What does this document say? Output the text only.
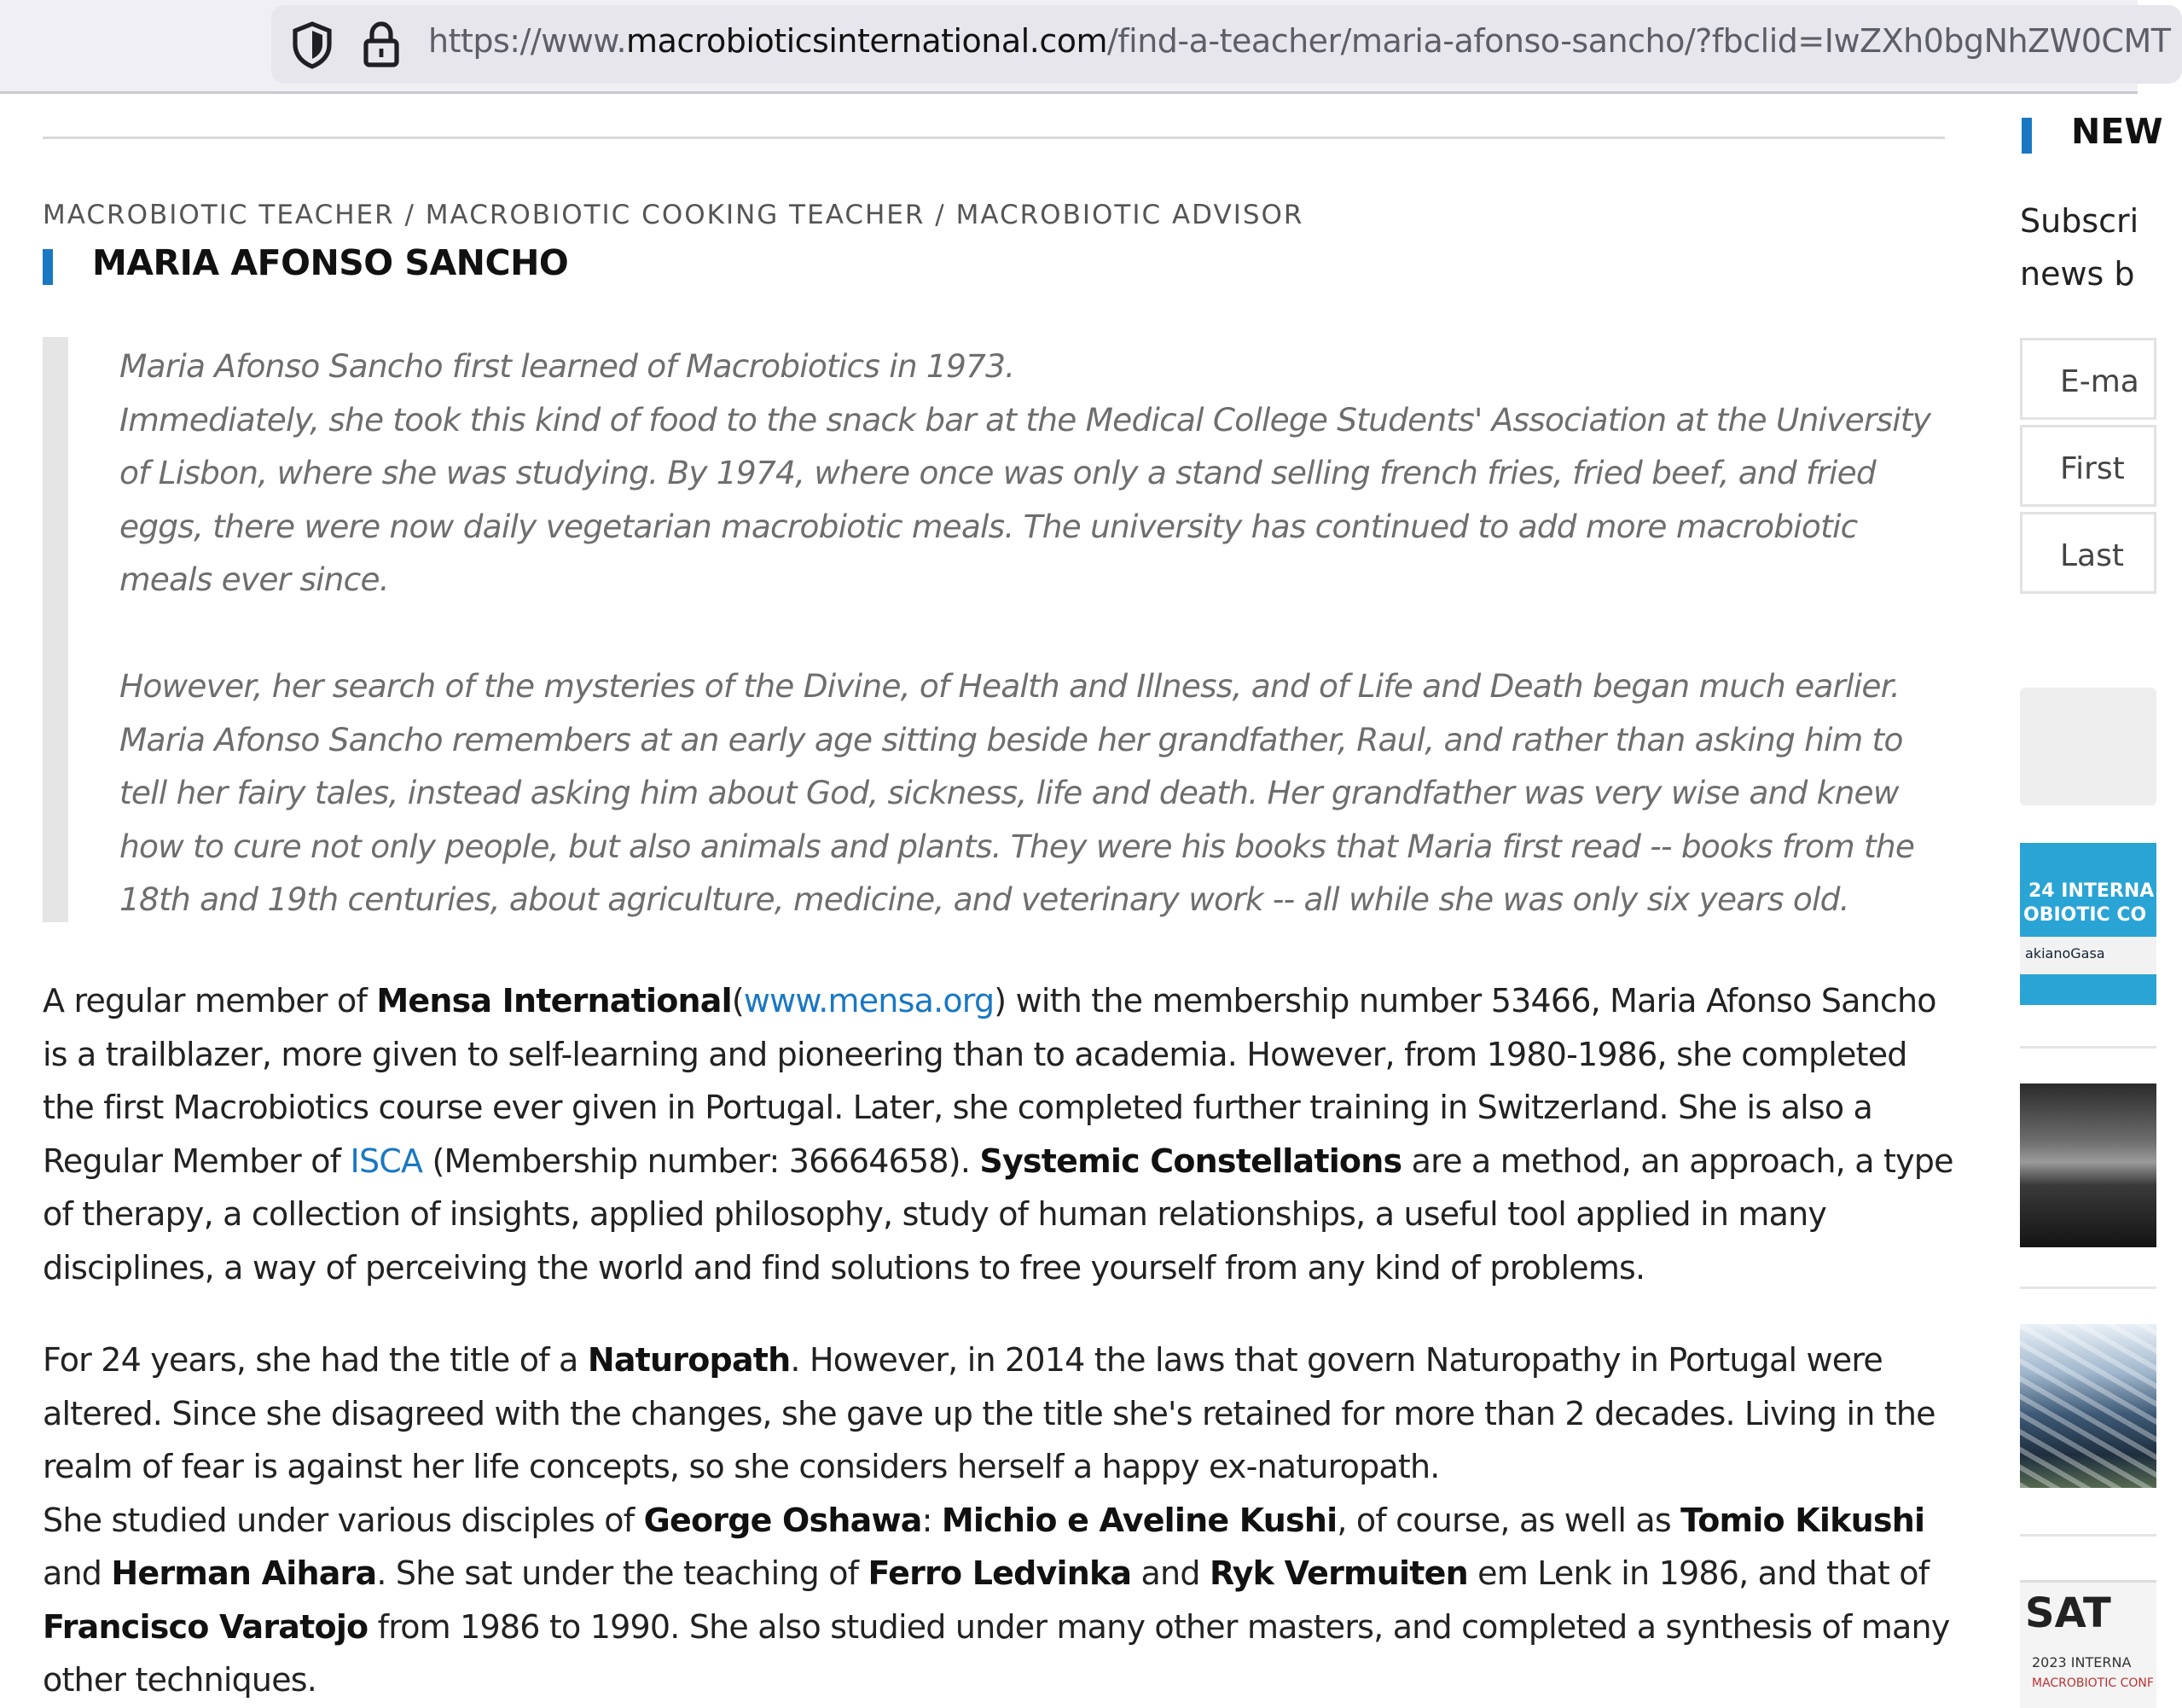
https://www.macrobioticsinternational.com/find-a-teacher/maria-afonso-sancho/?fbclid=IwZXh0bgNhZW0CMT
MACROBIOTIC TEACHER / MACROBIOTIC COOKING TEACHER / MACROBIOTIC ADVISOR
MARIA AFONSO SANCHO

Maria Afonso Sancho first learned of Macrobiotics in 1973.

Immediately, she took this kind of food to the snack bar at the Medical College Students' Association at the University of Lisbon, where she was studying. By 1974, where once was only a stand selling french fries, fried beef, and fried eggs, there were now daily vegetarian macrobiotic meals. The university has continued to add more macrobiotic meals ever since.

However, her search of the mysteries of the Divine, of Health and Illness, and of Life and Death began much earlier. Maria Afonso Sancho remembers at an early age sitting beside her grandfather, Raul, and rather than asking him to tell her fairy tales, instead asking him about God, sickness, life and death. Her grandfather was very wise and knew how to cure not only people, but also animals and plants. They were his books that Maria first read -- books from the 18th and 19th centuries, about agriculture, medicine, and veterinary work -- all while she was only six years old.

A regular member of Mensa International(www.mensa.org) with the membership number 53466, Maria Afonso Sancho is a trailblazer, more given to self-learning and pioneering than to academia. However, from 1980-1986, she completed the first Macrobiotics course ever given in Portugal. Later, she completed further training in Switzerland. She is also a Regular Member of ISCA (Membership number: 36664658). Systemic Constellations are a method, an approach, a type of therapy, a collection of insights, applied philosophy, study of human relationships, a useful tool applied in many disciplines, a way of perceiving the world and find solutions to free yourself from any kind of problems.

For 24 years, she had the title of a Naturopath. However, in 2014 the laws that govern Naturopathy in Portugal were altered. Since she disagreed with the changes, she gave up the title she's retained for more than 2 decades. Living in the realm of fear is against her life concepts, so she considers herself a happy ex-naturopath.
She studied under various disciples of George Oshawa: Michio e Aveline Kushi, of course, as well as Tomio Kikushi and Herman Aihara. She sat under the teaching of Ferro Ledvinka and Ryk Vermuiten em Lenk in 1986, and that of Francisco Varatojo from 1986 to 1990. She also studied under many other masters, and completed a synthesis of many other techniques.

NEW
Subscri
news b
E-ma
First
Last
24 INTERNA
OBIOTIC CO
akianoGasa
SAT
2023 INTERNA
MACROBIOTIC CONF
